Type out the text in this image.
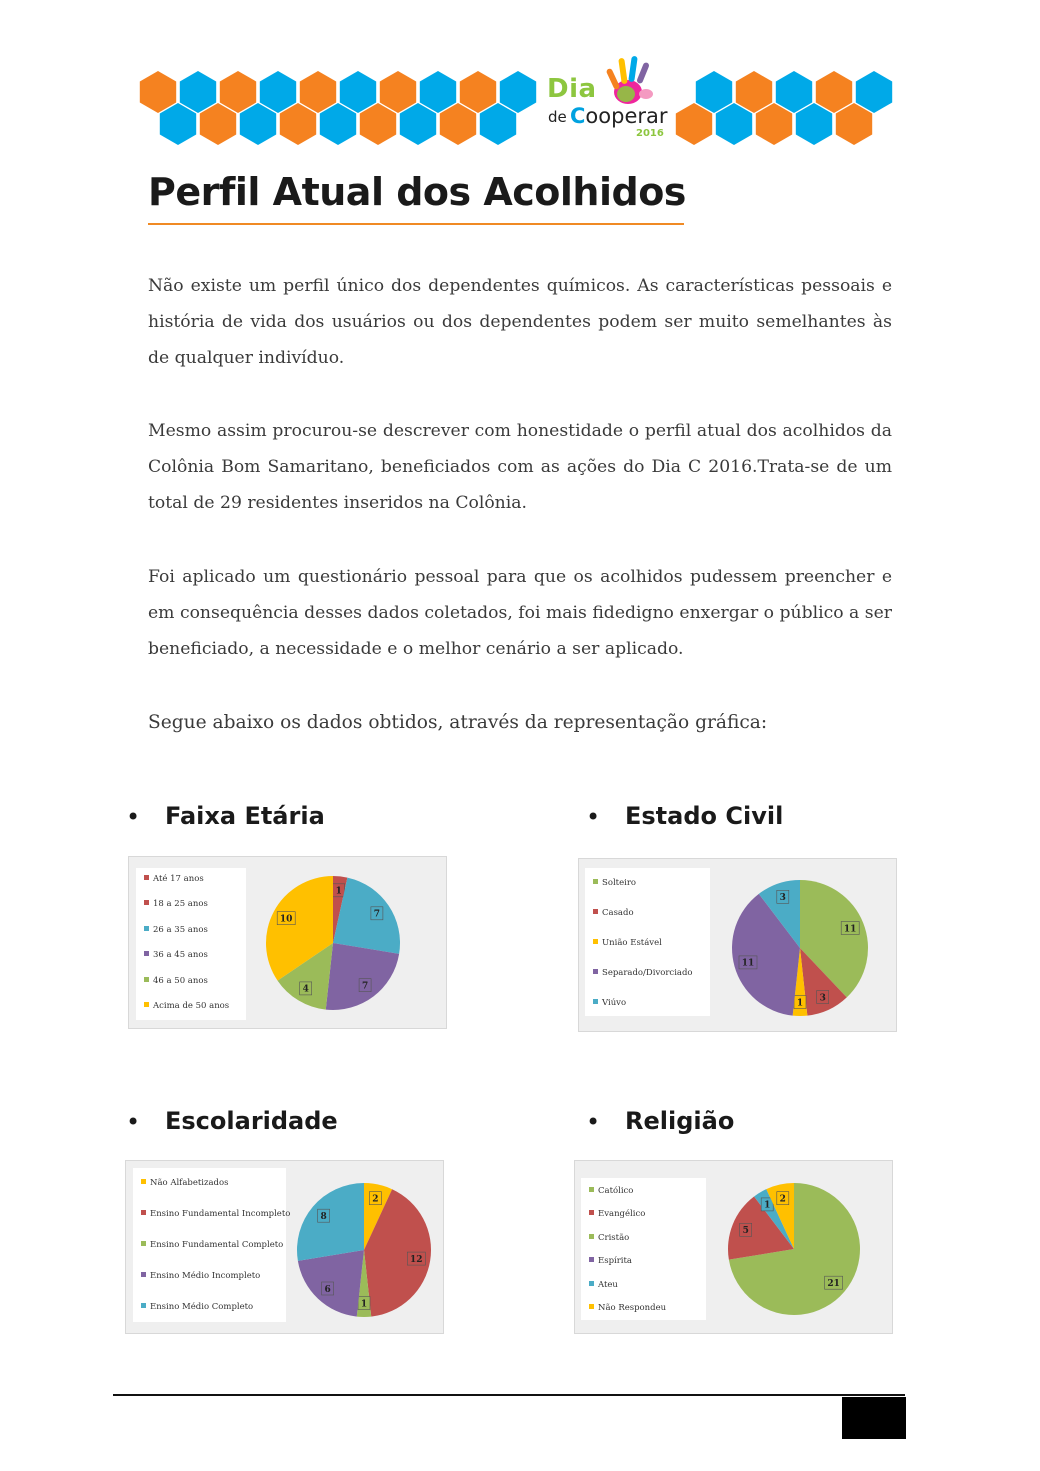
Dia
de Cooperar
2016
Perfil Atual dos Acolhidos

Não existe um perfil único dos dependentes químicos. As características pessoais e história de vida dos usuários ou dos dependentes podem ser muito semelhantes às de qualquer indivíduo.

Mesmo assim procurou-se descrever com honestidade o perfil atual dos acolhidos da Colônia Bom Samaritano, beneficiados com as ações do Dia C 2016.Trata-se de um total de 29 residentes inseridos na Colônia.

Foi aplicado um questionário pessoal para que os acolhidos pudessem preencher e em consequência desses dados coletados, foi mais fidedigno enxergar o público a ser beneficiado, a necessidade e o melhor cenário a ser aplicado.

Segue abaixo os dados obtidos, através da representação gráfica:

• Faixa Etária	• Estado Civil
• Escolaridade	• Religião
Até 17 anos
18 a 25 anos
26 a 35 anos
36 a 45 anos
46 a 50 anos
Acima de 50 anos
1
7
7
4
10
Solteiro
Casado
União Estável
Separado/Divorciado
Viúvo
11
3
1
11
3
Não Alfabetizados
Ensino Fundamental Incompleto
Ensino Fundamental Completo
Ensino Médio Incompleto
Ensino Médio Completo
2
12
1
6
8
Católico
Evangélico
Cristão
Espírita
Ateu
Não Respondeu
21
5
1
2
